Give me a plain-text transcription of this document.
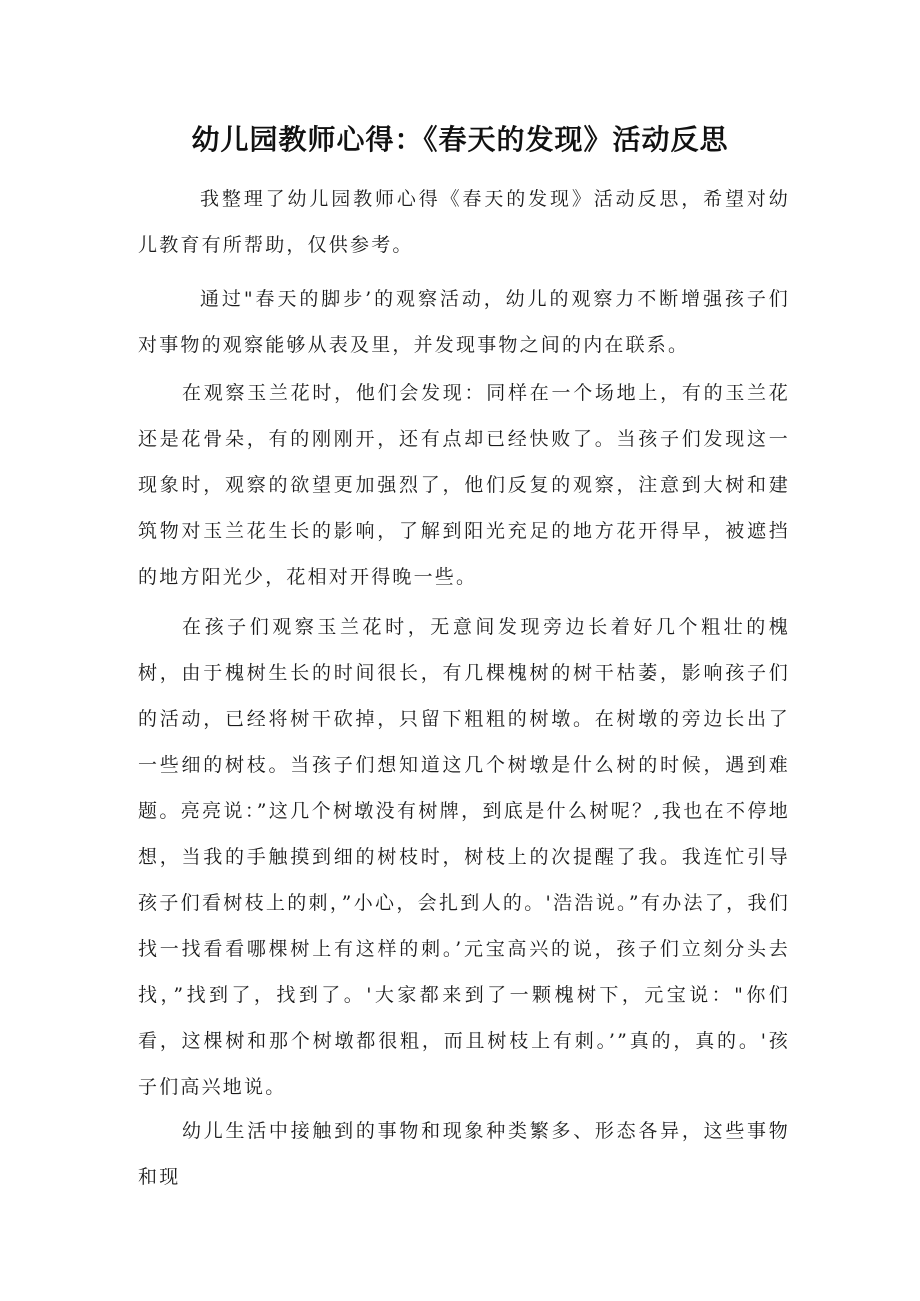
幼儿园教师心得：《春天的发现》活动反思

我整理了幼儿园教师心得《春天的发现》活动反思，希望对幼儿教育有所帮助，仅供参考。

通过"春天的脚步’的观察活动，幼儿的观察力不断增强孩子们对事物的观察能够从表及里，并发现事物之间的内在联系。

在观察玉兰花时，他们会发现：同样在一个场地上，有的玉兰花还是花骨朵，有的刚刚开，还有点却已经快败了。当孩子们发现这一现象时，观察的欲望更加强烈了，他们反复的观察，注意到大树和建筑物对玉兰花生长的影响，了解到阳光充足的地方花开得早，被遮挡的地方阳光少，花相对开得晚一些。

在孩子们观察玉兰花时，无意间发现旁边长着好几个粗壮的槐树，由于槐树生长的时间很长，有几棵槐树的树干枯萎，影响孩子们的活动，已经将树干砍掉，只留下粗粗的树墩。在树墩的旁边长出了一些细的树枝。当孩子们想知道这几个树墩是什么树的时候，遇到难题。亮亮说：”这几个树墩没有树牌，到底是什么树呢？,我也在不停地想，当我的手触摸到细的树枝时，树枝上的次提醒了我。我连忙引导孩子们看树枝上的刺，”小心，会扎到人的。'浩浩说。”有办法了，我们找一找看看哪棵树上有这样的刺。’元宝高兴的说，孩子们立刻分头去找，”找到了，找到了。'大家都来到了一颗槐树下，元宝说："你们看，这棵树和那个树墩都很粗，而且树枝上有刺。’”真的，真的。'孩子们高兴地说。

幼儿生活中接触到的事物和现象种类繁多、形态各异，这些事物和现
